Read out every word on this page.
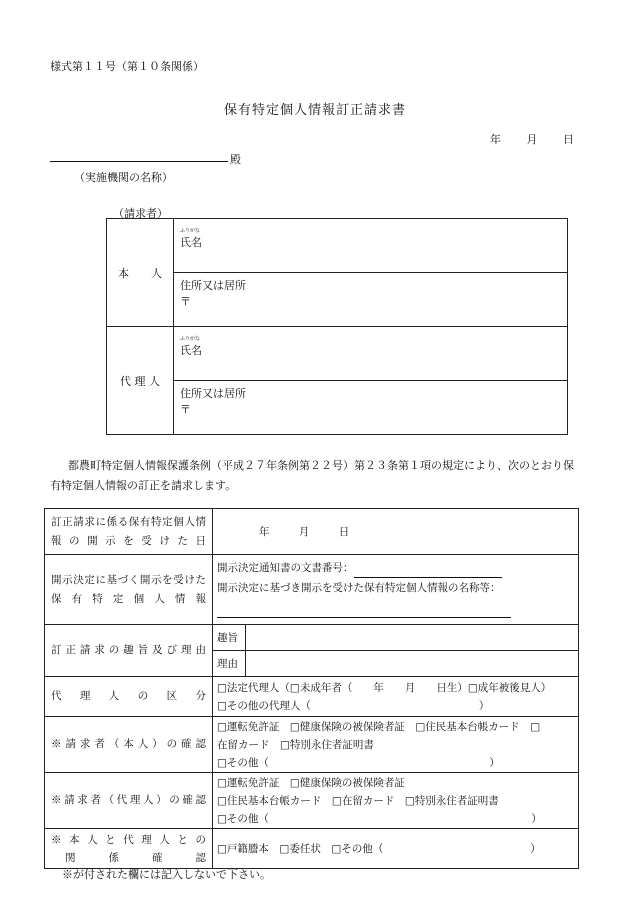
様式第１１号（第１０条関係）
保有特定個人情報訂正請求書
年 月 日
殿
（実施機関の名称）
（請求者）
本　　人	ふりがな
氏名

	住所又は居所
〒

代 理 人	ふりがな
氏名

	住所又は居所
〒
都農町特定個人情報保護条例（平成２７年条例第２２号）第２３条第１項の規定により、次のとおり保有特定個人情報の訂正を請求します。
訂正請求に係る保有特定個人情報の開示を受けた日	年 月 日	
開示決定に基づく開示を受けた保有特定個人情報	開示決定通知書の文書番号：
開示決定に基づき開示を受けた保有特定個人情報の名称等：	

訂正請求の趣旨及び理由	趣旨	
	理由	
代理人の区分	□法定代理人（□未成年者（　　年　　月　　日生）□成年被後見人）
□その他の代理人（　　　　　　　　　　　　　　　　）	

※請求者（本人）の確認	□運転免許証　□健康保険の被保険者証　□住民基本台帳カード　□
在留カード　□特別永住者証明書
□その他（　　　　　　　　　　　　　　　　　　　　　）	

※請求者（代理人）の確認	□運転免許証　□健康保険の被保険者証
□住民基本台帳カード　□在留カード　□特別永住者証明書
□その他（　　　　　　　　　　　　　　　　　　　　　　　　　）	

※本人と代理人との
関係確認	□戸籍謄本　□委任状　□その他（　　　　　　　　　　　　　　）	
※が付された欄には記入しないで下さい。
